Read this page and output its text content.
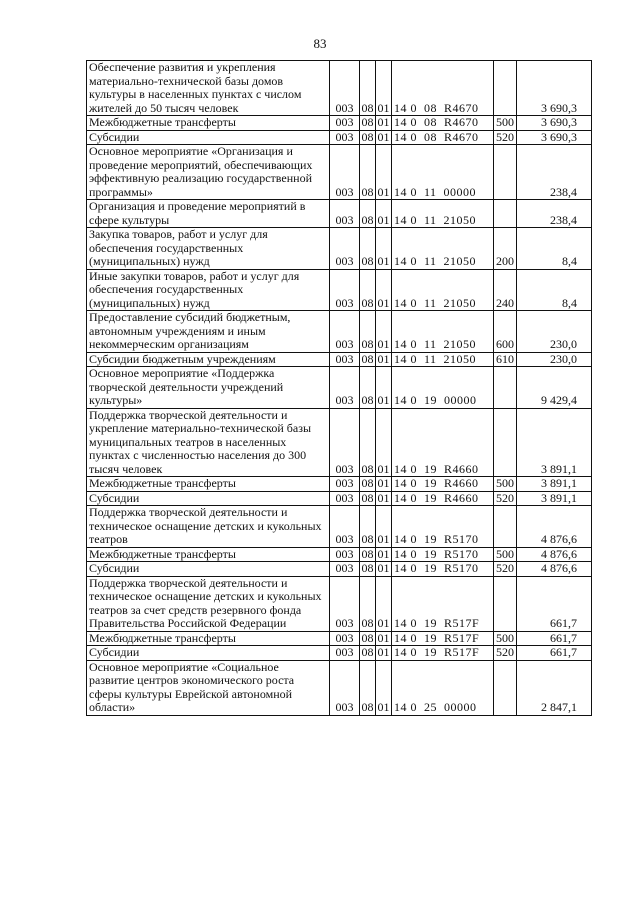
83
Обеспечение развития и укрепления материально-технической базы домов культуры в населенных пунктах с числом жителей до 50 тысяч человек	003	08	01	14 0  08  R4670		3 690,3
Межбюджетные трансферты	003	08	01	14 0  08  R4670	500	3 690,3
Субсидии	003	08	01	14 0  08  R4670	520	3 690,3
Основное мероприятие «Организация и проведение мероприятий, обеспечивающих эффективную реализацию государственной программы»	003	08	01	14 0  11  00000		238,4
Организация и проведение мероприятий в сфере культуры	003	08	01	14 0  11  21050		238,4
Закупка товаров, работ и услуг для обеспечения государственных (муниципальных) нужд	003	08	01	14 0  11  21050	200	8,4
Иные закупки товаров, работ и услуг для обеспечения государственных (муниципальных) нужд	003	08	01	14 0  11  21050	240	8,4
Предоставление субсидий бюджетным, автономным учреждениям и иным некоммерческим организациям	003	08	01	14 0  11  21050	600	230,0
Субсидии бюджетным учреждениям	003	08	01	14 0  11  21050	610	230,0
Основное мероприятие «Поддержка творческой деятельности учреждений культуры»	003	08	01	14 0  19  00000		9 429,4
Поддержка творческой деятельности и укрепление материально-технической базы муниципальных театров в населенных пунктах с численностью населения до 300 тысяч человек	003	08	01	14 0  19  R4660		3 891,1
Межбюджетные трансферты	003	08	01	14 0  19  R4660	500	3 891,1
Субсидии	003	08	01	14 0  19  R4660	520	3 891,1
Поддержка творческой деятельности и техническое оснащение детских и кукольных театров	003	08	01	14 0  19  R5170		4 876,6
Межбюджетные трансферты	003	08	01	14 0  19  R5170	500	4 876,6
Субсидии	003	08	01	14 0  19  R5170	520	4 876,6
Поддержка творческой деятельности и техническое оснащение детских и кукольных театров за счет средств резервного фонда Правительства Российской Федерации	003	08	01	14 0  19  R517F		661,7
Межбюджетные трансферты	003	08	01	14 0  19  R517F	500	661,7
Субсидии	003	08	01	14 0  19  R517F	520	661,7
Основное мероприятие «Социальное развитие центров экономического роста сферы культуры Еврейской автономной области»	003	08	01	14 0  25  00000		2 847,1
